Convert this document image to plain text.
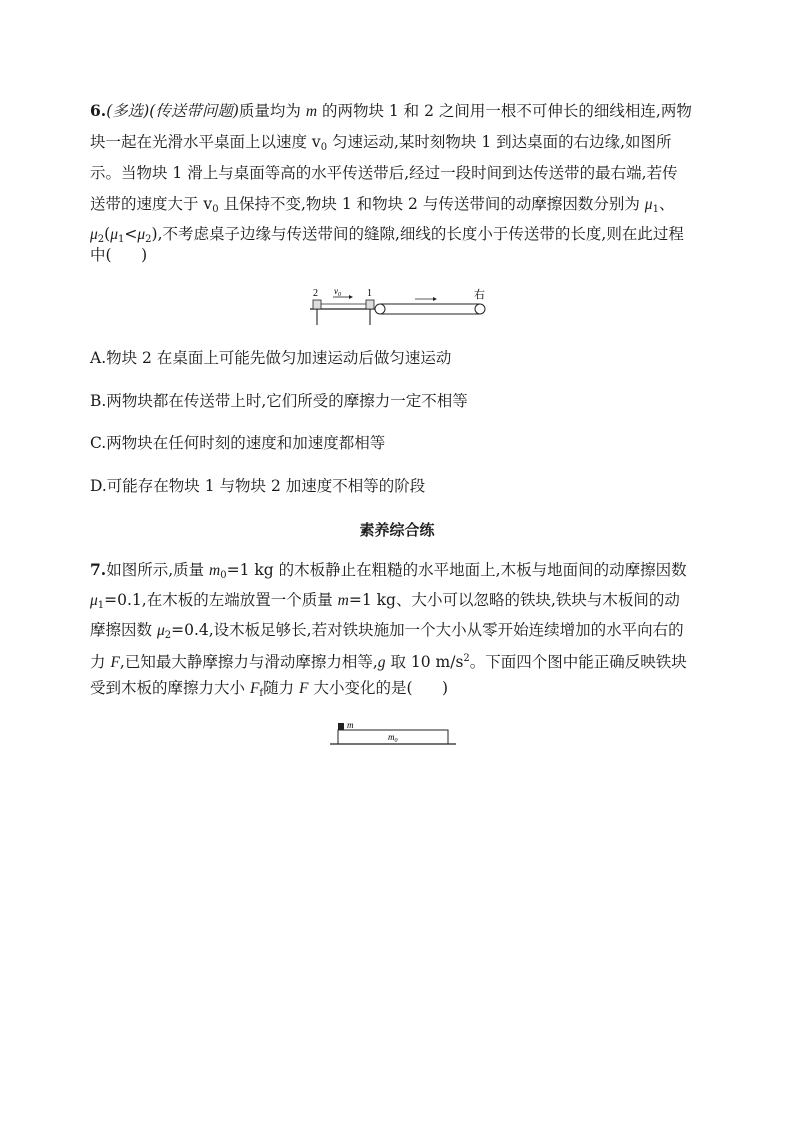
6.(多选)(传送带问题)质量均为 m 的两物块 1 和 2 之间用一根不可伸长的细线相连,两物
块一起在光滑水平桌面上以速度 $v_0$ 匀速运动,某时刻物块 1 到达桌面的右边缘,如图所
示。当物块 1 滑上与桌面等高的水平传送带后,经过一段时间到达传送带的最右端,若传
送带的速度大于 $v_0$ 且保持不变,物块 1 和物块 2 与传送带间的动摩擦因数分别为 $\mu_1$、
$\mu_2(\mu_1<\mu_2)$,不考虑桌子边缘与传送带间的缝隙,细线的长度小于传送带的长度,则在此过程
中(      )
2	1
$v_0$	右
A.物块 2 在桌面上可能先做匀加速运动后做匀速运动
B.两物块都在传送带上时,它们所受的摩擦力一定不相等
C.两物块在任何时刻的速度和加速度都相等
D.可能存在物块 1 与物块 2 加速度不相等的阶段
素养综合练
7.如图所示,质量 $m_0=1$ kg 的木板静止在粗糙的水平地面上,木板与地面间的动摩擦因数
$\mu_1=0.1$,在木板的左端放置一个质量 m=1 kg、大小可以忽略的铁块,铁块与木板间的动
摩擦因数 $\mu_2=0.4$,设木板足够长,若对铁块施加一个大小从零开始连续增加的水平向右的
力 F,已知最大静摩擦力与滑动摩擦力相等,g 取 10 $m/s^2$。下面四个图中能正确反映铁块
受到木板的摩擦力大小 $F_f$随力 F 大小变化的是(      )
m
$m_0$
